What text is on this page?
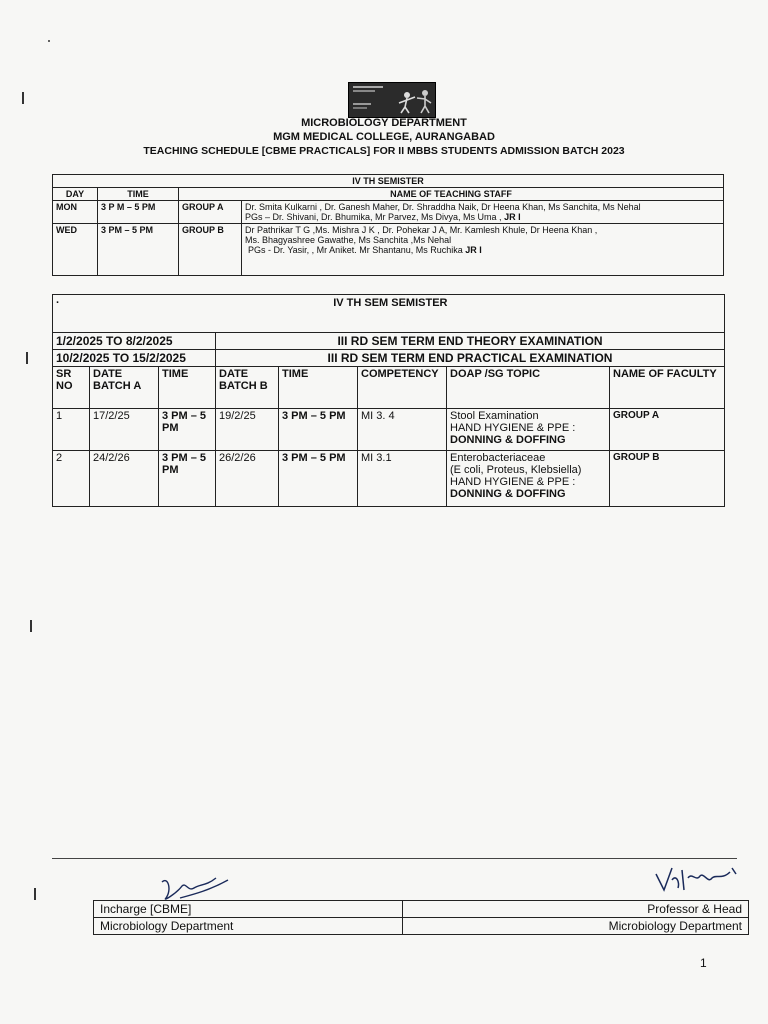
MICROBIOLOGY DEPARTMENT
MGM MEDICAL COLLEGE, AURANGABAD
TEACHING SCHEDULE [CBME PRACTICALS] FOR II MBBS STUDENTS ADMISSION BATCH 2023
IV TH SEMISTER			
DAY	TIME	NAME OF TEACHING STAFF	
MON	3 P M – 5 PM	GROUP A	Dr. Smita Kulkarni , Dr. Ganesh Maher, Dr. Shraddha Naik, Dr Heena Khan, Ms Sanchita, Ms Nehal
PGs – Dr. Shivani, Dr. Bhumika, Mr Parvez, Ms Divya, Ms Uma , JR I

WED	3 PM – 5 PM	GROUP B	Dr Pathrikar T G ,Ms. Mishra J K , Dr. Pohekar J A, Mr. Kamlesh Khule, Dr Heena Khan ,
Ms. Bhagyashree Gawathe, Ms Sanchita ,Ms Nehal
PGs - Dr. Yasir, , Mr Aniket. Mr Shantanu, Ms Ruchika JR I
· IV TH SEM SEMISTER							
1/2/2025 TO 8/2/2025			III RD SEM TERM END THEORY EXAMINATION				
10/2/2025 TO 15/2/2025			III RD SEM TERM END PRACTICAL EXAMINATION				
SR NO	DATE BATCH A	TIME	DATE BATCH B	TIME	COMPETENCY	DOAP /SG TOPIC	NAME OF FACULTY
1	17/2/25	3 PM – 5 PM	19/2/25	3 PM – 5 PM	MI 3. 4	Stool Examination
HAND HYGIENE & PPE :
DONNING & DOFFING	GROUP A
2	24/2/26	3 PM – 5 PM	26/2/26	3 PM – 5 PM	MI 3.1	Enterobacteriaceae
(E coli, Proteus, Klebsiella)
HAND HYGIENE & PPE :
DONNING & DOFFING	GROUP B
Incharge [CBME]	Professor & Head
Microbiology Department	Microbiology Department
1
